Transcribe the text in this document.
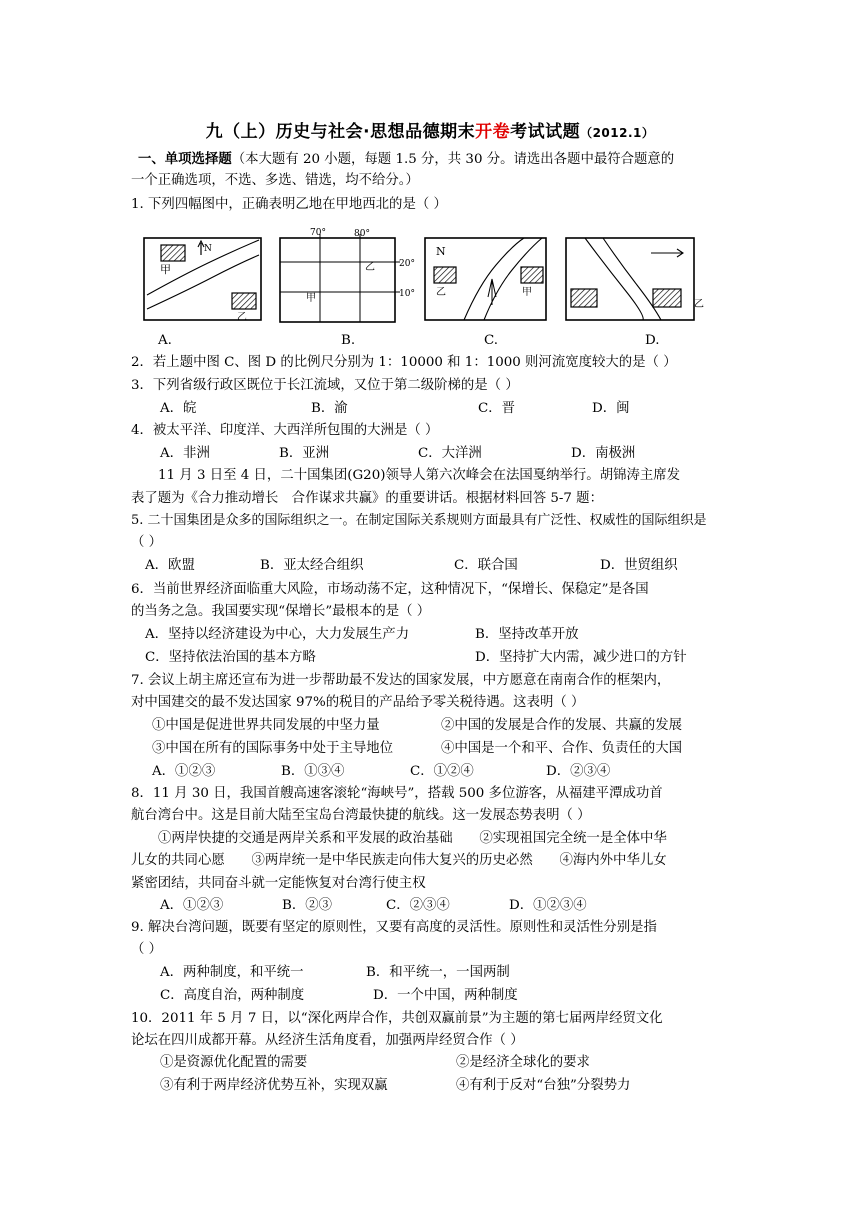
九（上）历史与社会·思想品德期末开卷考试试题（2012.1）
一、单项选择题（本大题有 20 小题，每题 1.5 分，共 30 分。请选出各题中最符合题意的
一个正确选项，不选、多选、错选，均不给分。）
1. 下列四幅图中，正确表明乙地在甲地西北的是（ ）
N
甲
乙
70°	80°
20°
10°
乙
甲
N
乙	甲
乙
A.	B.	C.	D.
2．若上题中图 C、图 D 的比例尺分别为 1：10000 和 1：1000 则河流宽度较大的是（ ）
3．下列省级行政区既位于长江流域，又位于第二级阶梯的是（ ）
A．皖	B．渝	C．晋	D．闽
4．被太平洋、印度洋、大西洋所包围的大洲是（ ）
A．非洲	B．亚洲	C．大洋洲	D．南极洲
11 月 3 日至 4 日，二十国集团(G20)领导人第六次峰会在法国戛纳举行。胡锦涛主席发
表了题为《合力推动增长　合作谋求共赢》的重要讲话。根据材料回答 5-7 题：
5. 二十国集团是众多的国际组织之一。在制定国际关系规则方面最具有广泛性、权威性的国际组织是
（ ）
A．欧盟	B．亚太经合组织	C．联合国	D．世贸组织
6．当前世界经济面临重大风险，市场动荡不定，这种情况下，“保增长、保稳定”是各国
的当务之急。我国要实现“保增长”最根本的是（ ）
A．坚持以经济建设为中心，大力发展生产力	B．坚持改革开放
C．坚持依法治国的基本方略	D．坚持扩大内需，减少进口的方针
7. 会议上胡主席还宣布为进一步帮助最不发达的国家发展，中方愿意在南南合作的框架内，
对中国建交的最不发达国家 97%的税目的产品给予零关税待遇。这表明（ ）
①中国是促进世界共同发展的中坚力量	②中国的发展是合作的发展、共赢的发展
③中国在所有的国际事务中处于主导地位	④中国是一个和平、合作、负责任的大国
A．①②③	B．①③④	C．①②④	D．②③④
8．11 月 30 日，我国首艘高速客滚轮“海峡号”，搭载 500 多位游客，从福建平潭成功首
航台湾台中。这是目前大陆至宝岛台湾最快捷的航线。这一发展态势表明（ ）
①两岸快捷的交通是两岸关系和平发展的政治基础　　②实现祖国完全统一是全体中华
儿女的共同心愿　　③两岸统一是中华民族走向伟大复兴的历史必然　　④海内外中华儿女
紧密团结，共同奋斗就一定能恢复对台湾行使主权
A．①②③	B．②③	C．②③④	D．①②③④
9. 解决台湾问题，既要有坚定的原则性，又要有高度的灵活性。原则性和灵活性分别是指
（ ）
A．两种制度，和平统一	B．和平统一，一国两制
C．高度自治，两种制度	D．一个中国，两种制度
10．2011 年 5 月 7 日，以“深化两岸合作，共创双赢前景”为主题的第七届两岸经贸文化
论坛在四川成都开幕。从经济生活角度看，加强两岸经贸合作（ ）
①是资源优化配置的需要	②是经济全球化的要求
③有利于两岸经济优势互补，实现双赢	④有利于反对“台独”分裂势力
